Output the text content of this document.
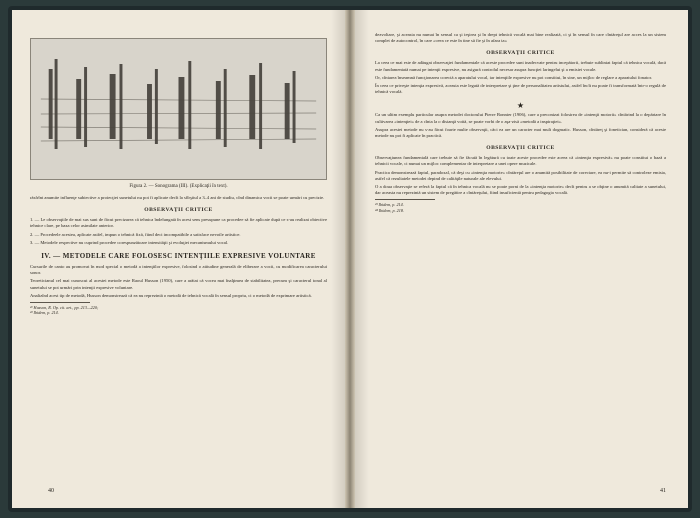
Figura 2. — Sonograma (III). (Explicaţii în text).

răsfrînt anumite influenţe subiective a proiecţiei sunetului nu pot fi aplicate decît la sfîrşitul a 3–4 ani de studiu, cînd dinamica vocii se poate urmări cu precizie.

OBSERVAŢII CRITICE

1. — Le observaţiile de mai sus sunt de făcut precizarea că tehnica îndelungată în acest sens presupune ca procedee să fie aplicate după ce s-au realizat obiective tehnice clare, pe baza celor asimilate anterior.

2. — Procedeele acestea, aplicate astfel, impun o tehnică fixă, fiind deci incompatibile a satisface nevoile artistice.

3. — Metodele respective nu cuprind procedee corespunzătoare intensităţii şi evoluţiei mecanismului vocal.

IV. — METODELE CARE FOLOSESC INTENŢIILE EXPRESIVE VOLUNTARE

Cursurile de canto au promovat în mod special o metodă a intenţiilor expresive, folosind o atitudine generală de eliberare a vocii, cu modificarea caracterului sonor.

Teoreticianul cel mai cunoscut al acestei metode este Raoul Husson (1950), care a arătat că vocea mai înalţimea de stabilitatea, precum şi caracterul tonal al sunetului se pot urmări prin intenţii expresive voluntare.

Analizînd acest tip de metodă, Husson demonstrează că ea nu reprezintă o metodă de tehnică vocală în sensul propriu, ci o metodă de exprimare artistică.

²¹ Husson, R. Op. cit. art., pp. 213—220;

²² Ibidem, p. 214.

40

dezvoltare, şi aceasta nu numai în sensul ca şi ieşirea şi în drept tehnică vocală mai bine realizată, ci şi în sensul în care cîntăreţul are acces la un sistem complet de autocontrol, în care «ceea ce este în tine să fie şi în afara ta»

OBSERVAŢII CRITICE

La ceea ce mai este de adăugat observaţiei fundamentale că aceste procedee sunt inadecvate pentru incepătorii, trebuie subliniat faptul că tehnica vocală, dacă este fundamentată numai pe intenţii expresive, nu asigură controlul necesar asupra funcţiei laringelui şi a emisiei vocale.

Or, cîntarea înseamnă funcţionarea corectă a aparatului vocal, iar intenţiile expresive nu pot constitui, în sine, un mijloc de reglare a aparatului fonator.

În ceea ce priveşte intenţia expresivă, aceasta este legată de interpretare şi ţine de personalitatea artistului, astfel încît nu poate fi transformată într-o regulă de tehnică vocală.

★

Ca un ultim exemplu particular asupra metodei doctorului Pierre Bonnier (1906), care a preconizat folosirea de «intenţii motorii» cîntărind la o depărtare în cultivarea «intenţiei» de a cînta la o distanţă voită, se poate vorbi de o aşa-zisă «metodă a inspiraţiei».

Asupra acestei metode nu s-au făcut foarte multe observaţii, căci ea are un caracter mai mult dogmatic. Husson, cîntăreţ şi fonetician, consideră că aceste metode nu pot fi aplicate în practică.

OBSERVAŢII CRITICE

Observaţiunea fundamentală care trebuie să fie făcută în legătură cu toate aceste procedee este aceea că «intenţia expresivă» nu poate constitui o bază a tehnicii vocale, ci numai un mijloc complementar de interpretare a unei opere muzicale.

Practica demonstrează faptul, paradoxal, că deşi cu «intenţia motorie» cîntăreţul are o anumită posibilitate de corectare, ea nu-i permite să controleze emisia, astfel că rezultatele metodei depind de calităţile naturale ale elevului.

O a doua observaţie se referă la faptul că în tehnica vocală nu se poate porni de la «intenţia motorie» decît pentru a se obţine o anumită calitate a sunetului, dar aceasta nu reprezintă un sistem de pregătire a cîntăreţului, fiind insuficientă pentru pedagogia vocală.

²³ Ibidem, p. 214.

²⁴ Ibidem, p. 218.

41
